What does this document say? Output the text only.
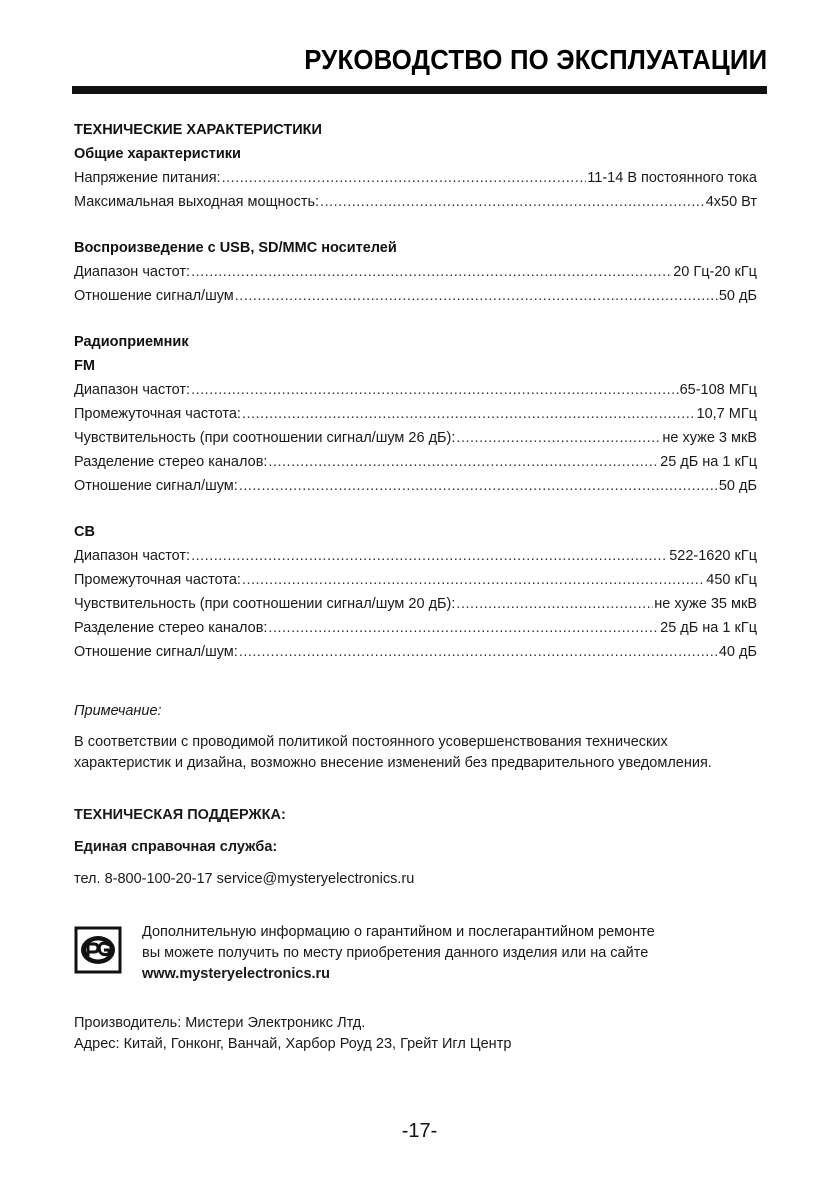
РУКОВОДСТВО ПО ЭКСПЛУАТАЦИИ
ТЕХНИЧЕСКИЕ ХАРАКТЕРИСТИКИ
Общие характеристики
Напряжение питания: .....	11-14 В постоянного тока
Максимальная выходная мощность: .....	4х50 Вт
Воспроизведение с USB, SD/MMC носителей
Диапазон частот: .....	20 Гц-20 кГц
Отношение сигнал/шум .....	50 дБ
Радиоприемник
FM
Диапазон частот: .....	65-108 МГц
Промежуточная частота: .....	10,7 МГц
Чувствительность (при соотношении сигнал/шум 26 дБ): .....	не хуже 3 мкВ
Разделение стерео каналов: .....	25 дБ на 1 кГц
Отношение сигнал/шум: .....	50 дБ
СВ
Диапазон частот: .....	522-1620 кГц
Промежуточная частота: .....	450 кГц
Чувствительность (при соотношении сигнал/шум 20 дБ): .....	не хуже 35 мкВ
Разделение стерео каналов: .....	25 дБ на 1 кГц
Отношение сигнал/шум: .....	40 дБ
Примечание:
В соответствии с проводимой политикой постоянного усовершенствования технических характеристик и дизайна, возможно внесение изменений без предварительного уведомления.
ТЕХНИЧЕСКАЯ ПОДДЕРЖКА:
Единая справочная служба:
тел. 8-800-100-20-17 service@mysteryelectronics.ru
Дополнительную информацию о гарантийном и послегарантийном ремонте
вы можете получить по месту приобретения данного изделия или на сайте
www.mysteryelectronics.ru
Производитель: Мистери Электроникс Лтд.
Адрес: Китай, Гонконг, Ванчай, Харбор Роуд 23, Грейт Игл Центр
-17-
